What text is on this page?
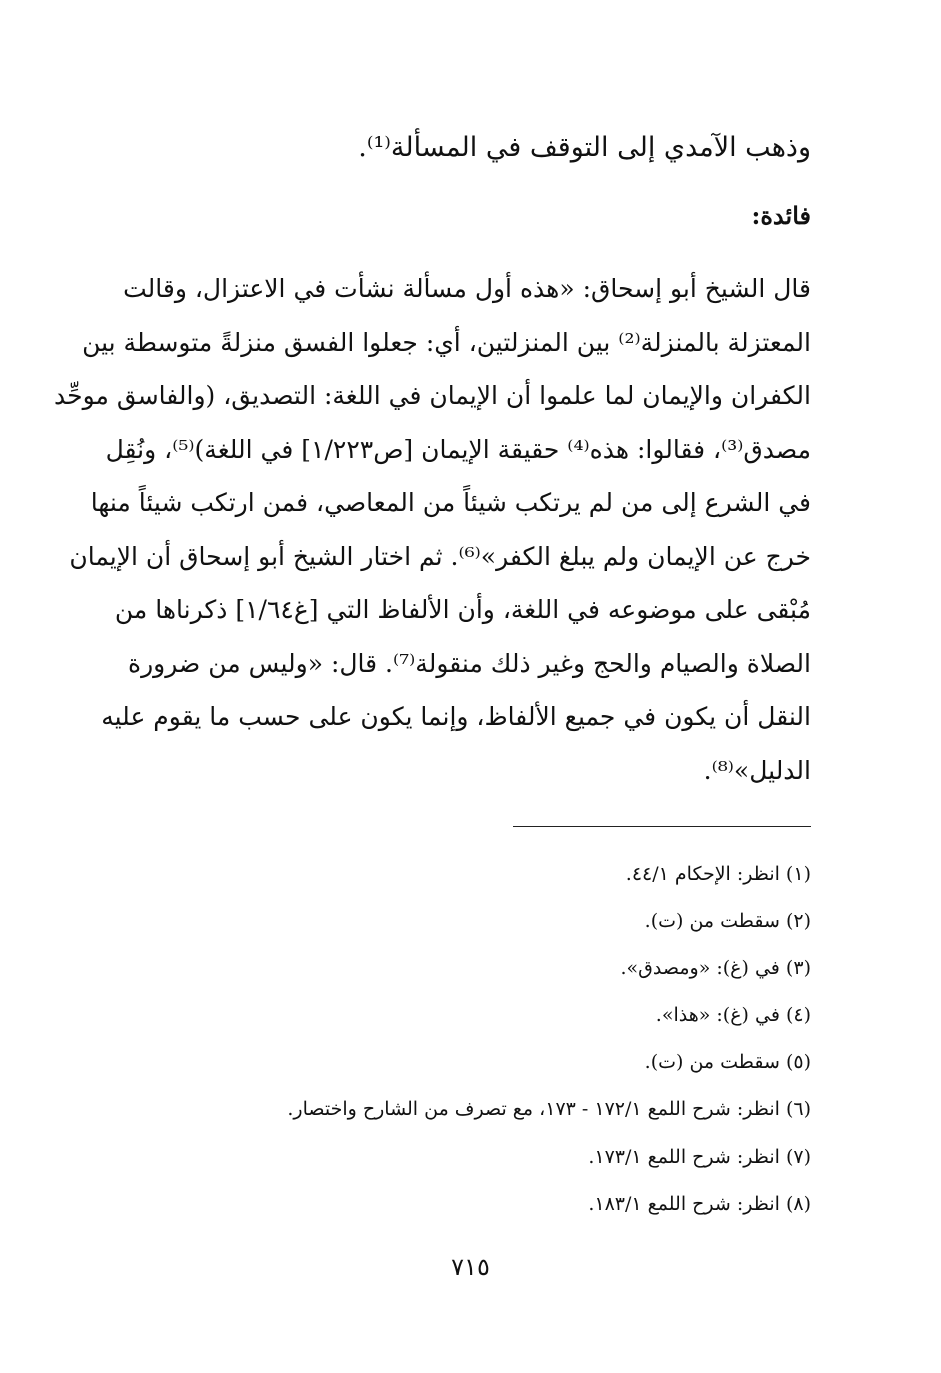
وذهب الآمدي إلى التوقف في المسألة⁽¹⁾.
فائدة:
قال الشيخ أبو إسحاق: «هذه أول مسألة نشأت في الاعتزال، وقالت
المعتزلة بالمنزلة⁽²⁾ بين المنزلتين، أي: جعلوا الفسق منزلةً متوسطة بين
الكفران والإيمان لما علموا أن الإيمان في اللغة: التصديق، (والفاسق موحِّد
مصدق⁽³⁾، فقالوا: هذه⁽⁴⁾ حقيقة الإيمان [ص١/٢٢٣] في اللغة)⁽⁵⁾، ونُقِل
في الشرع إلى من لم يرتكب شيئاً من المعاصي، فمن ارتكب شيئاً منها
خرج عن الإيمان ولم يبلغ الكفر»⁽⁶⁾. ثم اختار الشيخ أبو إسحاق أن الإيمان
مُبْقى على موضوعه في اللغة، وأن الألفاظ التي [غ١/٦٤] ذكرناها من
الصلاة والصيام والحج وغير ذلك منقولة⁽⁷⁾. قال: «وليس من ضرورة
النقل أن يكون في جميع الألفاظ، وإنما يكون على حسب ما يقوم عليه
الدليل»⁽⁸⁾.
(١) انظر: الإحكام ٤٤/١.
(٢) سقطت من (ت).
(٣) في (غ): «ومصدق».
(٤) في (غ): «هذا».
(٥) سقطت من (ت).
(٦) انظر: شرح اللمع ١٧٢/١ - ١٧٣، مع تصرف من الشارح واختصار.
(٧) انظر: شرح اللمع ١٧٣/١.
(٨) انظر: شرح اللمع ١٨٣/١.
٧١٥
